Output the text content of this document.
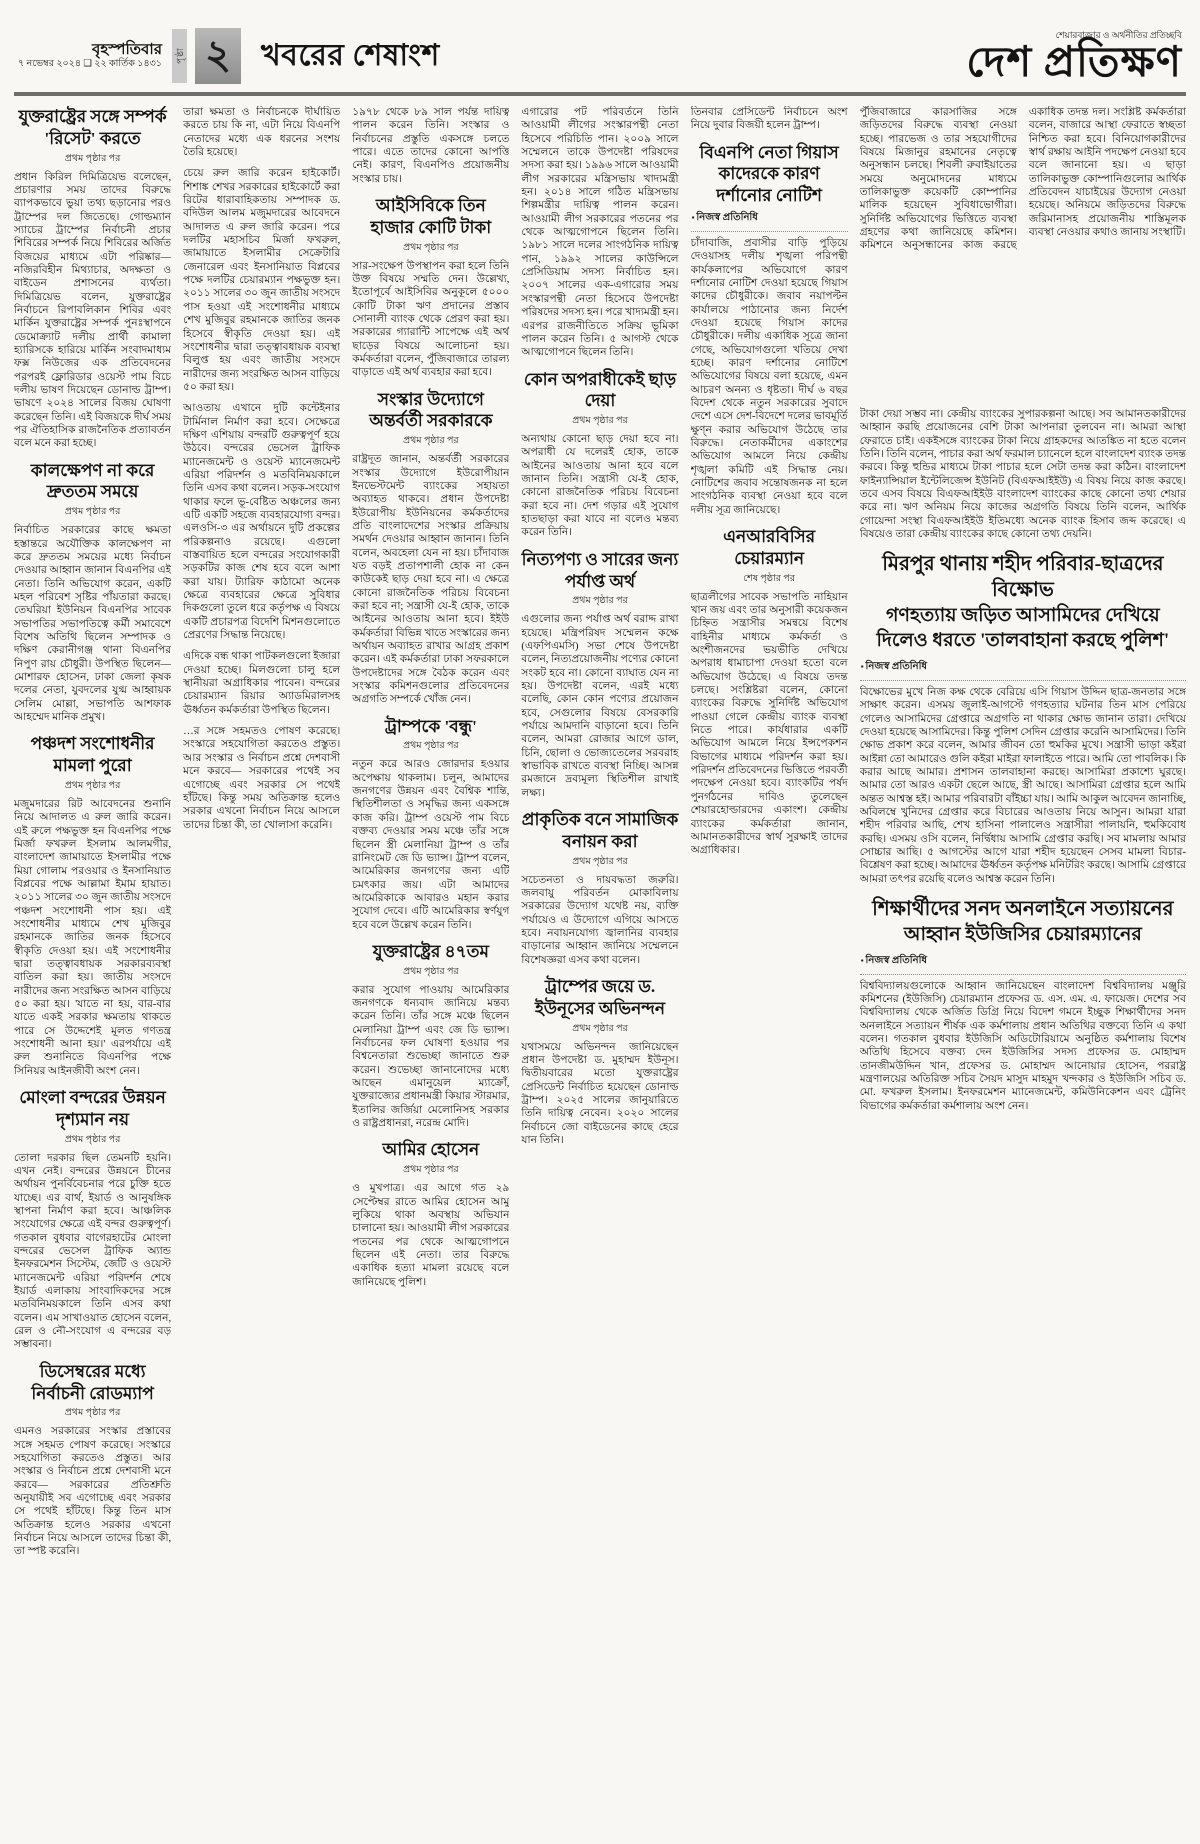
বৃহস্পতিবার
৭ নভেম্বর ২০২৪ ❑ ২২ কার্তিক ১৪৩১	পৃষ্ঠা ২	খবরের শেষাংশ
শেয়ারবাজার ও অর্থনীতির প্রতিচ্ছবি
দেশ প্রতিক্ষণ
যুক্তরাষ্ট্রের সঙ্গে সম্পর্ক 'রিসেট' করতে
প্রথম পৃষ্ঠার পর

প্রধান কিরিল দিমিত্রিয়েভ বলেছেন, প্রচারণার সময় তাদের বিরুদ্ধে ব্যাপকভাবে ভুয়া তথ্য ছড়ানোর পরও ট্রাম্পের দল জিতেছে। গোল্ডম্যান স্যাচের ট্রাম্পের নির্বাচনী প্রচার শিবিরের সম্পর্ক নিয়ে শিবিরের অর্জিত বিজয়ের মাধ্যমে এটা পরিষ্কার— নজিরবিহীন মিথ্যাচার, অদক্ষতা ও বাইডেন প্রশাসনের ব্যর্থতা। দিমিত্রিয়েভ বলেন, যুক্তরাষ্ট্রের নির্বাচনে রিপাবলিকান শিবির এবং মার্কিন যুক্তরাষ্ট্রের সম্পর্ক পুনঃস্থাপনে ডেমোক্র্যাট দলীয় প্রার্থী কামালা হ্যারিসকে হারিয়ে মার্কিন সংবাদমাধ্যম ফক্স নিউজের এক প্রতিবেদনের পরপরই ফ্লোরিডার ওয়েস্ট পাম বিচে দলীয় ভাষণ দিয়েছেন ডোনাল্ড ট্রাম্প। ভাষণে ২০২৪ সালের বিজয় ঘোষণা করেছেন তিনি। এই বিজয়কে দীর্ঘ সময় পর ঐতিহাসিক রাজনৈতিক প্রত্যাবর্তন বলে মনে করা হচ্ছে।

কালক্ষেপণ না করে দ্রুততম সময়ে
প্রথম পৃষ্ঠার পর

নির্বাচিত সরকারের কাছে ক্ষমতা হস্তান্তরে অযৌক্তিক কালক্ষেপণ না করে দ্রুততম সময়ের মধ্যে নির্বাচন দেওয়ার আহ্বান জানান বিএনপির এই নেতা। তিনি অভিযোগ করেন, একটি মহল পরিবেশ সৃষ্টির পাঁয়তারা করছে। তেঘরিয়া ইউনিয়ন বিএনপির সাবেক সভাপতির সভাপতিত্বে কর্মী সমাবেশে বিশেষ অতিথি ছিলেন সম্পাদক ও দক্ষিণ কেরানীগঞ্জ থানা বিএনপির নিপুণ রায় চৌধুরী। উপস্থিত ছিলেন— মোশারফ হোসেন, ঢাকা জেলা কৃষক দলের নেতা, যুবদলের যুগ্ম আহ্বায়ক সেলিম মোল্লা, সভাপতি আশফাক আহম্মেদ মানিক প্রমুখ।

পঞ্চদশ সংশোধনীর মামলা পুরো
প্রথম পৃষ্ঠার পর

মজুমদারের রিট আবেদনের শুনানি নিয়ে আদালত এ রুল জারি করেন। এই রুলে পক্ষভুক্ত হন বিএনপির পক্ষে মির্জা ফখরুল ইসলাম আলমগীর, বাংলাদেশ জামায়াতে ইসলামীর পক্ষে মিয়া গোলাম পরওয়ার ও ইনসানিয়াত বিপ্লবের পক্ষে আল্লামা ইমাম হায়াত। ২০১১ সালের ৩০ জুন জাতীয় সংসদে পঞ্চদশ সংশোধনী পাস হয়। এই সংশোধনীর মাধ্যমে শেখ মুজিবুর রহমানকে জাতির জনক হিসেবে স্বীকৃতি দেওয়া হয়। এই সংশোধনীর দ্বারা তত্ত্বাবধায়ক সরকারব্যবস্থা বাতিল করা হয়। জাতীয় সংসদে নারীদের জন্য সংরক্ষিত আসন বাড়িয়ে ৫০ করা হয়। 'যাতে না হয়, বার-বার যাতে একই সরকার ক্ষমতায় থাকতে পারে সে উদ্দেশেই মূলত গণতন্ত্র সংশোধনী আনা হয়।' এরপর্যায়ে এই রুল শুনানিতে বিএনপির পক্ষে সিনিয়র আইনজীবী অংশ নেন।

মোংলা বন্দরের উন্নয়ন দৃশ্যমান নয়
প্রথম পৃষ্ঠার পর

তোলা দরকার ছিল তেমনটি হয়নি। এখন নেই। বন্দরের উন্নয়নে চীনের অর্থায়ন পুনর্বিবেচনার পরে চুক্তি হতে যাচ্ছে। এর বার্থ, ইয়ার্ড ও আনুষঙ্গিক স্থাপনা নির্মাণ করা হবে। আঞ্চলিক সংযোগের ক্ষেত্রে এই বন্দর গুরুত্বপূর্ণ। গতকাল বুধবার বাগেরহাটের মোংলা বন্দরের ভেসেল ট্রাফিক অ্যান্ড ইনফরমেশন সিস্টেম, জেটি ও ওয়েস্ট ম্যানেজমেন্ট এরিয়া পরিদর্শন শেষে ইয়ার্ড এলাকায় সাংবাদিকদের সঙ্গে মতবিনিময়কালে তিনি এসব কথা বলেন। এম সাখাওয়াত হোসেন বলেন, রেল ও নৌ-সংযোগ এ বন্দরের বড় সম্ভাবনা।

ডিসেম্বরের মধ্যে নির্বাচনী রোডম্যাপ
প্রথম পৃষ্ঠার পর

এমনও সরকারের সংস্কার প্রস্তাবের সঙ্গে সহমত পোষণ করেছে। সংস্কারে সহযোগিতা করতেও প্রস্তুত। আর সংস্কার ও নির্বাচন প্রশ্নে দেশবাসী মনে করবে— সরকারের প্রতিশ্রুতি অনুযায়ীই সব এগোচ্ছে এবং সরকার সে পথেই হাঁটছে। কিন্তু তিন মাস অতিক্রান্ত হলেও সরকার এখনো নির্বাচন নিয়ে আসলে তাদের চিন্তা কী, তা স্পষ্ট করেনি।

তারা ক্ষমতা ও নির্বাচনকে দীর্ঘায়িত করতে চায় কি না, এটা নিয়ে বিএনপি নেতাদের মধ্যে এক ধরনের সংশয় তৈরি হয়েছে।

চেয়ে রুল জারি করেন হাইকোর্ট। শিশাঙ্ক শেখর সরকারের হাইকোর্টে করা রিটের ধারাবাহিকতায় সম্পাদক ড. বদিউল আলম মজুমদারের আবেদনে আদালত এ রুল জারি করেন। পরে দলটির মহাসচিব মির্জা ফখরুল, জামায়াতে ইসলামীর সেক্রেটারি জেনারেল এবং ইনসানিয়াত বিপ্লবের পক্ষে দলটির চেয়ারম্যান পক্ষভুক্ত হন। ২০১১ সালের ৩০ জুন জাতীয় সংসদে পাস হওয়া এই সংশোধনীর মাধ্যমে শেখ মুজিবুর রহমানকে জাতির জনক হিসেবে স্বীকৃতি দেওয়া হয়। এই সংশোধনীর দ্বারা তত্ত্বাবধায়ক ব্যবস্থা বিলুপ্ত হয় এবং জাতীয় সংসদে নারীদের জন্য সংরক্ষিত আসন বাড়িয়ে ৫০ করা হয়।

আওতায় এখানে দুটি কন্টেইনার টার্মিনাল নির্মাণ করা হবে। সেক্ষেত্রে দক্ষিণ এশিয়ায় বন্দরটি গুরুত্বপূর্ণ হয়ে উঠবে। বন্দরের ভেসেল ট্রাফিক ম্যানেজমেন্ট ও ওয়েস্ট ম্যানেজমেন্ট এরিয়া পরিদর্শন ও মতবিনিময়কালে তিনি এসব কথা বলেন। সড়ক-সংযোগ থাকার ফলে ভূ-বেষ্টিত অঞ্চলের জন্য এটি একটি সহজে ব্যবহারযোগ্য বন্দর। এলওসি-৩ এর অর্থায়নে দুটি প্রকল্পের পরিকল্পনাও রয়েছে। এগুলো বাস্তবায়িত হলে বন্দরের সংযোগকারী সড়কটির কাজ শেষ হবে বলে আশা করা যায়। ট্যারিফ কাঠামো অনেক ক্ষেত্রে ব্যবহারের ক্ষেত্রে সুবিধার দিকগুলো তুলে ধরে কর্তৃপক্ষ এ বিষয়ে একটি প্রচারপত্র বিদেশি মিশনগুলোতে প্রেরণের সিদ্ধান্ত নিয়েছে।

এদিকে বন্ধ থাকা পাটকলগুলো ইজারা দেওয়া হচ্ছে। মিলগুলো চালু হলে স্থানীয়রা অগ্রাধিকার পাবেন। বন্দরের চেয়ারম্যান রিয়ার অ্যাডমিরালসহ ঊর্ধ্বতন কর্মকর্তারা উপস্থিত ছিলেন।

…র সঙ্গে সহমতও পোষণ করেছে। সংস্কারে সহযোগিতা করতেও প্রস্তুত। আর সংস্কার ও নির্বাচন প্রশ্নে দেশবাসী মনে করবে— সরকারের পথেই সব এগোচ্ছে এবং সরকার সে পথেই হাঁটছে। কিন্তু সময় অতিক্রান্ত হলেও সরকার এখনো নির্বাচন নিয়ে আসলে তাদের চিন্তা কী, তা খোলাসা করেনি।

১৯৭৮ থেকে ৮৯ সাল পর্যন্ত দায়িত্ব পালন করেন তিনি। সংস্কার ও নির্বাচনের প্রস্তুতি একসঙ্গে চলতে পারে। এতে তাদের কোনো আপত্তি নেই। কারণ, বিএনপিও প্রয়োজনীয় সংস্কার চায়।

আইসিবিকে তিন হাজার কোটি টাকা
প্রথম পৃষ্ঠার পর

সার-সংক্ষেপ উপস্থাপন করা হলে তিনি উক্ত বিষয়ে সম্মতি দেন। উল্লেখ্য, ইতোপূর্বে আইসিবির অনুকূলে ৫০০০ কোটি টাকা ঋণ প্রদানের প্রস্তাব সোনালী ব্যাংক থেকে প্রেরণ করা হয়। সরকারের গ্যারান্টি সাপেক্ষে এই অর্থ ছাড়ের বিষয়ে আলোচনা হয়। কর্মকর্তারা বলেন, পুঁজিবাজারে তারল্য বাড়াতে এই অর্থ ব্যবহার করা হবে।

সংস্কার উদ্যোগে অন্তর্বর্তী সরকারকে
প্রথম পৃষ্ঠার পর

রাষ্ট্রদূত জানান, অন্তর্বর্তী সরকারের সংস্কার উদ্যোগে ইউরোপীয়ান ইনভেস্টমেন্ট ব্যাংকের সহায়তা অব্যাহত থাকবে। প্রধান উপদেষ্টা ইউরোপীয় ইউনিয়নের কর্মকর্তাদের প্রতি বাংলাদেশের সংস্কার প্রক্রিয়ায় সমর্থন দেওয়ার আহ্বান জানান। তিনি বলেন, অবহেলা যেন না হয়। চাঁদাবাজ যত বড়ই প্রতাপশালী হোক না কেন কাউকেই ছাড় দেয়া হবে না। এ ক্ষেত্রে কোনো রাজনৈতিক পরিচয় বিবেচনা করা হবে না; সন্ত্রাসী যে-ই হোক, তাকে আইনের আওতায় আনা হবে। ইইউ কর্মকর্তারা বিভিন্ন খাতে সংস্কারের জন্য অর্থায়ন অব্যাহত রাখার আগ্রহ প্রকাশ করেন। এই কর্মকর্তারা ঢাকা সফরকালে উপদেষ্টাদের সঙ্গে বৈঠক করেন এবং সংস্কার কমিশনগুলোর প্রতিবেদনের অগ্রগতি সম্পর্কে খোঁজ নেন।

ট্রাম্পকে 'বন্ধু'
প্রথম পৃষ্ঠার পর

নতুন করে আরও জোরদার হওয়ার অপেক্ষায় থাকলাম। চলুন, আমাদের জনগণের উন্নয়ন এবং বৈশ্বিক শান্তি, স্থিতিশীলতা ও সমৃদ্ধির জন্য একসঙ্গে কাজ করি। ট্রাম্প ওয়েস্ট পাম বিচে বক্তব্য দেওয়ার সময় মঞ্চে তাঁর সঙ্গে ছিলেন স্ত্রী মেলানিয়া ট্রাম্প ও তাঁর রানিংমেট জে ডি ভ্যান্স। ট্রাম্প বলেন, আমেরিকার জনগণের জন্য এটি চমৎকার জয়। এটা আমাদের আমেরিকাকে আবারও মহান করার সুযোগ দেবে। এটি আমেরিকার স্বর্ণযুগ হবে বলে উল্লেখ করেন তিনি।

যুক্তরাষ্ট্রের ৪৭তম
প্রথম পৃষ্ঠার পর

করার সুযোগ পাওয়ায় আমেরিকার জনগণকে ধন্যবাদ জানিয়ে মন্তব্য করেন তিনি। তাঁর সঙ্গে মঞ্চে ছিলেন মেলানিয়া ট্রাম্প এবং জে ডি ভ্যান্স। নির্বাচনের ফল ঘোষণা হওয়ার পর বিশ্বনেতারা শুভেচ্ছা জানাতে শুরু করেন। শুভেচ্ছা জানানোদের মধ্যে আছেন এমানুয়েল ম্যাক্রোঁ, যুক্তরাজ্যের প্রধানমন্ত্রী কিয়ার স্টারমার, ইতালির জর্জিয়া মেলোনিসহ সরকার ও রাষ্ট্রপ্রধানরা, নরেন্দ্র মোদি।

আমির হোসেন
প্রথম পৃষ্ঠার পর

ও মুখপাত্র। এর আগে গত ২৯ সেপ্টেম্বর রাতে আমির হোসেন আমু লুকিয়ে থাকা অবস্থায় অভিযান চালানো হয়। আওয়ামী লীগ সরকারের পতনের পর থেকে আত্মগোপনে ছিলেন এই নেতা। তার বিরুদ্ধে একাধিক হত্যা মামলা রয়েছে বলে জানিয়েছে পুলিশ।

এগারোর পট পরিবর্তনে তিনি আওয়ামী লীগের সংস্কারপন্থী নেতা হিসেবে পরিচিতি পান। ২০০৯ সালে সম্মেলনে তাকে উপদেষ্টা পরিষদের সদস্য করা হয়। ১৯৯৬ সালে আওয়ামী লীগ সরকারের মন্ত্রিসভায় খাদ্যমন্ত্রী হন। ২০১৪ সালে গঠিত মন্ত্রিসভায় শিল্পমন্ত্রীর দায়িত্ব পালন করেন। আওয়ামী লীগ সরকারের পতনের পর থেকে আত্মগোপনে ছিলেন তিনি। ১৯৮১ সালে দলের সাংগঠনিক দায়িত্ব পান, ১৯৯২ সালের কাউন্সিলে প্রেসিডিয়াম সদস্য নির্বাচিত হন। ২০০৭ সালের এক-এগারোর সময় সংস্কারপন্থী নেতা হিসেবে উপদেষ্টা পরিষদের সদস্য হন। পরে খাদ্যমন্ত্রী হন। এরপর রাজনীতিতে সক্রিয় ভূমিকা পালন করেন তিনি। ৫ আগস্ট থেকে আত্মগোপনে ছিলেন তিনি।

কোন অপরাধীকেই ছাড় দেয়া
প্রথম পৃষ্ঠার পর

অন্যথায় কোনো ছাড় দেয়া হবে না। অপরাধী যে দলেরই হোক, তাকে আইনের আওতায় আনা হবে বলে জানান তিনি। সন্ত্রাসী যে-ই হোক, কোনো রাজনৈতিক পরিচয় বিবেচনা করা হবে না। দেশ গড়ার এই সুযোগ হাতছাড়া করা যাবে না বলেও মন্তব্য করেন তিনি।

নিত্যপণ্য ও সারের জন্য পর্যাপ্ত অর্থ
প্রথম পৃষ্ঠার পর

এগুলোর জন্য পর্যাপ্ত অর্থ বরাদ্দ রাখা হয়েছে। মন্ত্রিপরিষদ সম্মেলন কক্ষে (এফপিএমসি) সভা শেষে উপদেষ্টা বলেন, নিত্যপ্রয়োজনীয় পণ্যের কোনো সংকট হবে না। কোনো ব্যাঘাত যেন না হয়। উপদেষ্টা বলেন, এরই মধ্যে বলেছি, কোন কোন পণ্যের প্রয়োজন হবে, সেগুলোর বিষয়ে বেসরকারি পর্যায়ে আমদানি বাড়ানো হবে। তিনি বলেন, আমরা রোজার আগে ডাল, চিনি, ছোলা ও ভোজ্যতেলের সরবরাহ স্বাভাবিক রাখতে ব্যবস্থা নিচ্ছি। আসন্ন রমজানে দ্রব্যমূল্য স্থিতিশীল রাখাই লক্ষ্য।

প্রাকৃতিক বনে সামাজিক বনায়ন করা
প্রথম পৃষ্ঠার পর

সচেতনতা ও দায়বদ্ধতা জরুরি। জলবায়ু পরিবর্তন মোকাবিলায় সরকারের উদ্যোগ যথেষ্ট নয়, ব্যক্তি পর্যায়েও এ উদ্যোগে এগিয়ে আসতে হবে। নবায়নযোগ্য জ্বালানির ব্যবহার বাড়ানোর আহ্বান জানিয়ে সম্মেলনে বিশেষজ্ঞরা এসব কথা বলেন।

ট্রাম্পের জয়ে ড. ইউনূসের অভিনন্দন
প্রথম পৃষ্ঠার পর

যথাসময়ে অভিনন্দন জানিয়েছেন প্রধান উপদেষ্টা ড. মুহাম্মদ ইউনূস। দ্বিতীয়বারের মতো যুক্তরাষ্ট্রের প্রেসিডেন্ট নির্বাচিত হয়েছেন ডোনাল্ড ট্রাম্প। ২০২৫ সালের জানুয়ারিতে তিনি দায়িত্ব নেবেন। ২০২০ সালের নির্বাচনে জো বাইডেনের কাছে হেরে যান তিনি।

তিনবার প্রেসিডেন্ট নির্বাচনে অংশ নিয়ে দুবার বিজয়ী হলেন ট্রাম্প।

বিএনপি নেতা গিয়াস কাদেরকে কারণ দর্শানোর নোটিশ
▪ নিজস্ব প্রতিনিধি

চাঁদাবাজি, প্রবাসীর বাড়ি পুড়িয়ে দেওয়াসহ দলীয় শৃঙ্খলা পরিপন্থী কার্যকলাপের অভিযোগে কারণ দর্শানোর নোটিশ দেওয়া হয়েছে গিয়াস কাদের চৌধুরীকে। জবাব নয়াপল্টন কার্যালয়ে পাঠানোর জন্য নির্দেশ দেওয়া হয়েছে গিয়াস কাদের চৌধুরীকে। দলীয় একাধিক সূত্রে জানা গেছে, অভিযোগগুলো খতিয়ে দেখা হচ্ছে। কারণ দর্শানোর নোটিশে অভিযোগের বিষয়ে বলা হয়েছে, এমন আচরণ অনন্য ও ধৃষ্টতা। দীর্ঘ ৬ বছর বিদেশ থেকে নতুন সরকারের সুবাদে দেশে এসে দেশ-বিদেশে দলের ভাবমূর্তি ক্ষুণ্ন করার অভিযোগ উঠেছে তার বিরুদ্ধে। নেতাকর্মীদের একাংশের অভিযোগ আমলে নিয়ে কেন্দ্রীয় শৃঙ্খলা কমিটি এই সিদ্ধান্ত নেয়। নোটিশের জবাব সন্তোষজনক না হলে সাংগঠনিক ব্যবস্থা নেওয়া হবে বলে দলীয় সূত্র জানিয়েছে।

এনআরবিসির চেয়ারম্যান
শেষ পৃষ্ঠার পর

ছাত্রলীগের সাবেক সভাপতি নাহিয়ান খান জয় এবং তার অনুসারী কয়েকজন চিহ্নিত সন্ত্রাসীর সমন্বয়ে বিশেষ বাহিনীর মাধ্যমে কর্মকর্তা ও অংশীজনদের ভয়ভীতি দেখিয়ে অপরাধ ধামাচাপা দেওয়া হতো বলে অভিযোগ উঠেছে। এ বিষয়ে তদন্ত চলছে। সংশ্লিষ্টরা বলেন, কোনো ব্যাংকের বিরুদ্ধে সুনির্দিষ্ট অভিযোগ পাওয়া গেলে কেন্দ্রীয় ব্যাংক ব্যবস্থা নিতে পারে। কার্যধারার একটি অভিযোগ আমলে নিয়ে ইন্সপেকশন বিভাগের মাধ্যমে পরিদর্শন করা হয়। পরিদর্শন প্রতিবেদনের ভিত্তিতে পরবর্তী পদক্ষেপ নেওয়া হবে। ব্যাংকটির পর্ষদ পুনর্গঠনের দাবিও তুলেছেন শেয়ারহোল্ডারদের একাংশ। কেন্দ্রীয় ব্যাংকের কর্মকর্তারা জানান, আমানতকারীদের স্বার্থ সুরক্ষাই তাদের অগ্রাধিকার।

পুঁজিবাজারে কারসাজির সঙ্গে জড়িতদের বিরুদ্ধে ব্যবস্থা নেওয়া হচ্ছে। পারভেজ ও তার সহযোগীদের বিষয়ে মিজানুর রহমানের নেতৃত্বে অনুসন্ধান চলছে। শিবলী রুবাইয়াতের সময়ে অনুমোদনের মাধ্যমে তালিকাভুক্ত কয়েকটি কোম্পানির মালিক হয়েছেন সুবিধাভোগীরা। সুনির্দিষ্ট অভিযোগের ভিত্তিতে ব্যবস্থা গ্রহণের কথা জানিয়েছে কমিশন। কমিশনে অনুসন্ধানের কাজ করছে একাধিক তদন্ত দল। সংশ্লিষ্ট কর্মকর্তারা বলেন, বাজারে আস্থা ফেরাতে স্বচ্ছতা নিশ্চিত করা হবে। বিনিয়োগকারীদের স্বার্থ রক্ষায় আইনি পদক্ষেপ নেওয়া হবে বলে জানানো হয়। এ ছাড়া তালিকাভুক্ত কোম্পানিগুলোর আর্থিক প্রতিবেদন যাচাইয়ের উদ্যোগ নেওয়া হয়েছে। অনিয়মে জড়িতদের বিরুদ্ধে জরিমানাসহ প্রয়োজনীয় শাস্তিমূলক ব্যবস্থা নেওয়ার কথাও জানায় সংস্থাটি।

টাকা দেয়া সম্ভব না। কেন্দ্রীয় ব্যাংকের সুপারকল্পনা আছে। সব আমানতকারীদের আহ্বান করছি প্রয়োজনের বেশি টাকা আপনারা তুলবেন না। আমরা আস্থা ফেরাতে চাই। একইসঙ্গে ব্যাংকের টাকা নিয়ে গ্রাহকদের আতঙ্কিত না হতে বলেন তিনি। তিনি বলেন, পাচার করা অর্থ ফরমাল চ্যানেলে হলে বাংলাদেশ ব্যাংক তদন্ত করবে। কিন্তু হুন্ডির মাধ্যমে টাকা পাচার হলে সেটা তদন্ত করা কঠিন। বাংলাদেশ ফাইন্যান্সিয়াল ইন্টেলিজেন্স ইউনিট (বিএফআইইউ) এ বিষয় নিয়ে কাজ করছে। তবে এসব বিষয়ে বিএফআইইউ বাংলাদেশ ব্যাংকের কাছে কোনো তথ্য শেয়ার করে না। ঋণ অনিয়ম নিয়ে কাজের অগ্রগতি বিষয়ে তিনি বলেন, আর্থিক গোয়েন্দা সংস্থা বিএফআইইউ ইতিমধ্যে অনেক ব্যাংক হিসাব জব্দ করেছে। এ বিষয়েও তারা কেন্দ্রীয় ব্যাংকের কাছে কোনো তথ্য দেয়নি।

মিরপুর থানায় শহীদ পরিবার-ছাত্রদের বিক্ষোভ
গণহত্যায় জড়িত আসামিদের দেখিয়ে দিলেও ধরতে 'তালবাহানা করছে পুলিশ'
▪ নিজস্ব প্রতিনিধি

বিক্ষোভের মুখে নিজ কক্ষ থেকে বেরিয়ে এসি গিয়াস উদ্দিন ছাত্র-জনতার সঙ্গে সাক্ষাৎ করেন। এসময় জুলাই-আগস্টে গণহত্যার ঘটনার তিন মাস পেরিয়ে গেলেও আসামিদের গ্রেপ্তারে অগ্রগতি না থাকার ক্ষোভ জানান তারা। দেখিয়ে দেওয়া হয়েছে আসামিদের। কিন্তু পুলিশ সেদিন গ্রেপ্তার করেনি আসামিদের। তিনি ক্ষোভ প্রকাশ করে বলেন, আমার জীবন তো হুমকির মুখে। সন্ত্রাসী ভাড়া কইরা আইন্না তো আমারেও গুলি কইরা মাইরা ফালাইতে পারে। আমি তো পাবলিক। কি করার আছে আমার। প্রশাসন তালবাহানা করছে। আসামিরা প্রকাশ্যে ঘুরছে। আমার তো আরও একটা ছেলে আছে, স্ত্রী আছে। আসামিরা গ্রেপ্তার হলে আমি অন্তত আশ্বস্ত হই। আমার পরিবারটা বাঁইচ্চা যায়। আমি আকুল আবেদন জানাচ্ছি, অবিলম্বে খুনিদের গ্রেপ্তার করে বিচারের আওতায় নিয়ে আসুন। আমরা যারা শহীদ পরিবার আছি, শেখ হাসিনা পালালেও সন্ত্রাসীরা পালায়নি, হুমকিবোধ করছি। এসময় ওসি বলেন, নির্দ্বিধায় আসামি গ্রেপ্তার করছি। সব মামলায় আমার সোচ্চার আছি। ৫ আগস্টের আগে যারা শহীদ হয়েছেন সেসব মামলা বিচার-বিশ্লেষণ করা হচ্ছে। আমাদের ঊর্ধ্বতন কর্তৃপক্ষ মনিটরিং করছে। আসামি গ্রেপ্তারে আমরা তৎপর রয়েছি বলেও আশ্বস্ত করেন তিনি।

শিক্ষার্থীদের সনদ অনলাইনে সত্যায়নের
আহ্বান ইউজিসির চেয়ারম্যানের
▪ নিজস্ব প্রতিনিধি

বিশ্ববিদ্যালয়গুলোকে আহ্বান জানিয়েছেন বাংলাদেশ বিশ্ববিদ্যালয় মঞ্জুরি কমিশনের (ইউজিসি) চেয়ারম্যান প্রফেসর ড. এস. এম. এ. ফায়েজ। দেশের সব বিশ্ববিদ্যালয় থেকে অর্জিত ডিগ্রি নিয়ে বিদেশ গমনে ইচ্ছুক শিক্ষার্থীদের সনদ অনলাইনে সত্যায়ন শীর্ষক এক কর্মশালায় প্রধান অতিথির বক্তব্যে তিনি এ কথা বলেন। গতকাল বুধবার ইউজিসি অডিটোরিয়ামে অনুষ্ঠিত কর্মশালায় বিশেষ অতিথি হিসেবে বক্তব্য দেন ইউজিসির সদস্য প্রফেসর ড. মোহাম্মদ তানজীমউদ্দিন খান, প্রফেসর ড. মোহাম্মদ আনোয়ার হোসেন, পররাষ্ট্র মন্ত্রণালয়ের অতিরিক্ত সচিব সৈয়দ মাসুদ মাহমুদ খন্দকার ও ইউজিসি সচিব ড. মো. ফখরুল ইসলাম। ইনফরমেশন ম্যানেজমেন্ট, কমিউনিকেশন এবং ট্রেনিং বিভাগের কর্মকর্তারা কর্মশালায় অংশ নেন।
